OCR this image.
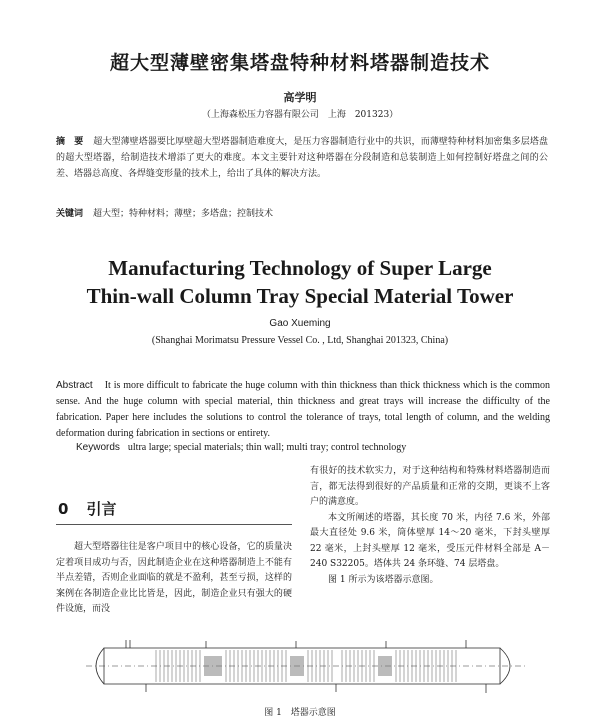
超大型薄壁密集塔盘特种材料塔器制造技术
高学明
（上海森松压力容器有限公司　上海　201323）
摘　要 超大型薄壁塔器要比厚壁超大型塔器制造难度大，是压力容器制造行业中的共识，而薄壁特种材料加密集多层塔盘的超大型塔器，给制造技术增添了更大的难度。本文主要针对这种塔器在分段制造和总装制造上如何控制好塔盘之间的公差、塔器总高度、各焊缝变形量的技术上，给出了具体的解决方法。
关键词 超大型；特种材料；薄壁；多塔盘；控制技术
Manufacturing Technology of Super Large
Thin-wall Column Tray Special Material Tower
Gao Xueming
(Shanghai Morimatsu Pressure Vessel Co. , Ltd, Shanghai 201323, China)
Abstract It is more difficult to fabricate the huge column with thin thickness than thick thickness which is the common sense. And the huge column with special material, thin thickness and great trays will increase the difficulty of the fabrication. Paper here includes the solutions to control the tolerance of trays, total length of column, and the welding deformation during fabrication in sections or entirety.
Keywords ultra large; special materials; thin wall; multi tray; control technology
0 引言

超大型塔器往往是客户项目中的核心设备，它的质量决定着项目成功与否，因此制造企业在这种塔器制造上不能有半点差错，否则企业面临的就是不盈利，甚至亏损，这样的案例在各制造企业比比皆是，因此，制造企业只有强大的硬件设施，而没

有很好的技术软实力，对于这种结构和特殊材料塔器制造而言，都无法得到很好的产品质量和正常的交期，更谈不上客户的满意度。

本文所阐述的塔器，其长度 70 米，内径 7.6 米，外部最大直径处 9.6 米，筒体壁厚 14～20 毫米，下封头壁厚 22 毫米，上封头壁厚 12 毫米，受压元件材料全部是 A－240 S32205。塔体共 24 条环缝、74 层塔盘。

图 1 所示为该塔器示意图。

图 1　塔器示意图
